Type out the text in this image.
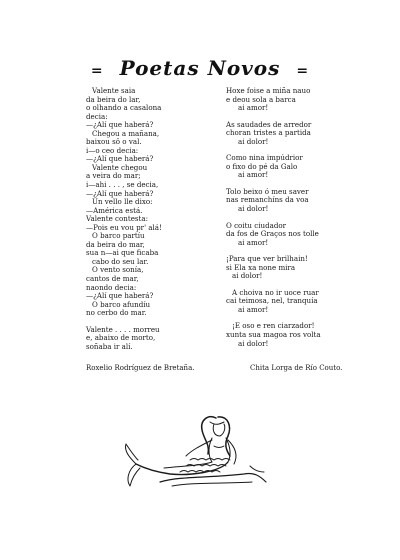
= Poetas Novos =
Valente saia
da beira do lar,
o olhando a casalona
decia:
—¿Alí que haberá?
Chegou a mañana,
baixou sô o val.
i—o ceo decia:
—¿Alí que haberá?
Valente chegou
a veira do mar;
i—ahi . . . , se decia,
—¿Alí que haberá?
Un vello lle dixo:
—América está.
Valente contesta:
—Pois eu vou pr' alá!
O barco partíu
da beira do mar,
sua n—ai que ficaba
cabo do seu lar.
O vento sonía,
cantos de mar,
naondo decia:
—¿Alí que haberá?
O barco afundíu
no cerbo do mar.
Valente . . . . morreu
e, abaixo de morto,
soñaba ir alí.
Hoxe foise a miña nauo
e deou sola a barca
ai amor!
As saudades de arredor
choran tristes a partida
ai dolor!
Como nina impúdrior
o fixo do pé da Galo
ai amor!
Tolo beixo ó meu saver
nas remanchíns da voa
ai dolor!
O coitu ciudador
da fos de Graços nos tolle
ai amor!
¡Para que ver brilhain!
si Ela xa none mira
ai dolor!
A choiva no ir uoce ruar
cai teimosa, nel, tranquía
ai amor!
¡E oso e ren ciarzador!
xunta sua magoa ros volta
ai dolor!
Roxelio Rodríguez de Bretaña.	Chita Lorga de Río Couto.
